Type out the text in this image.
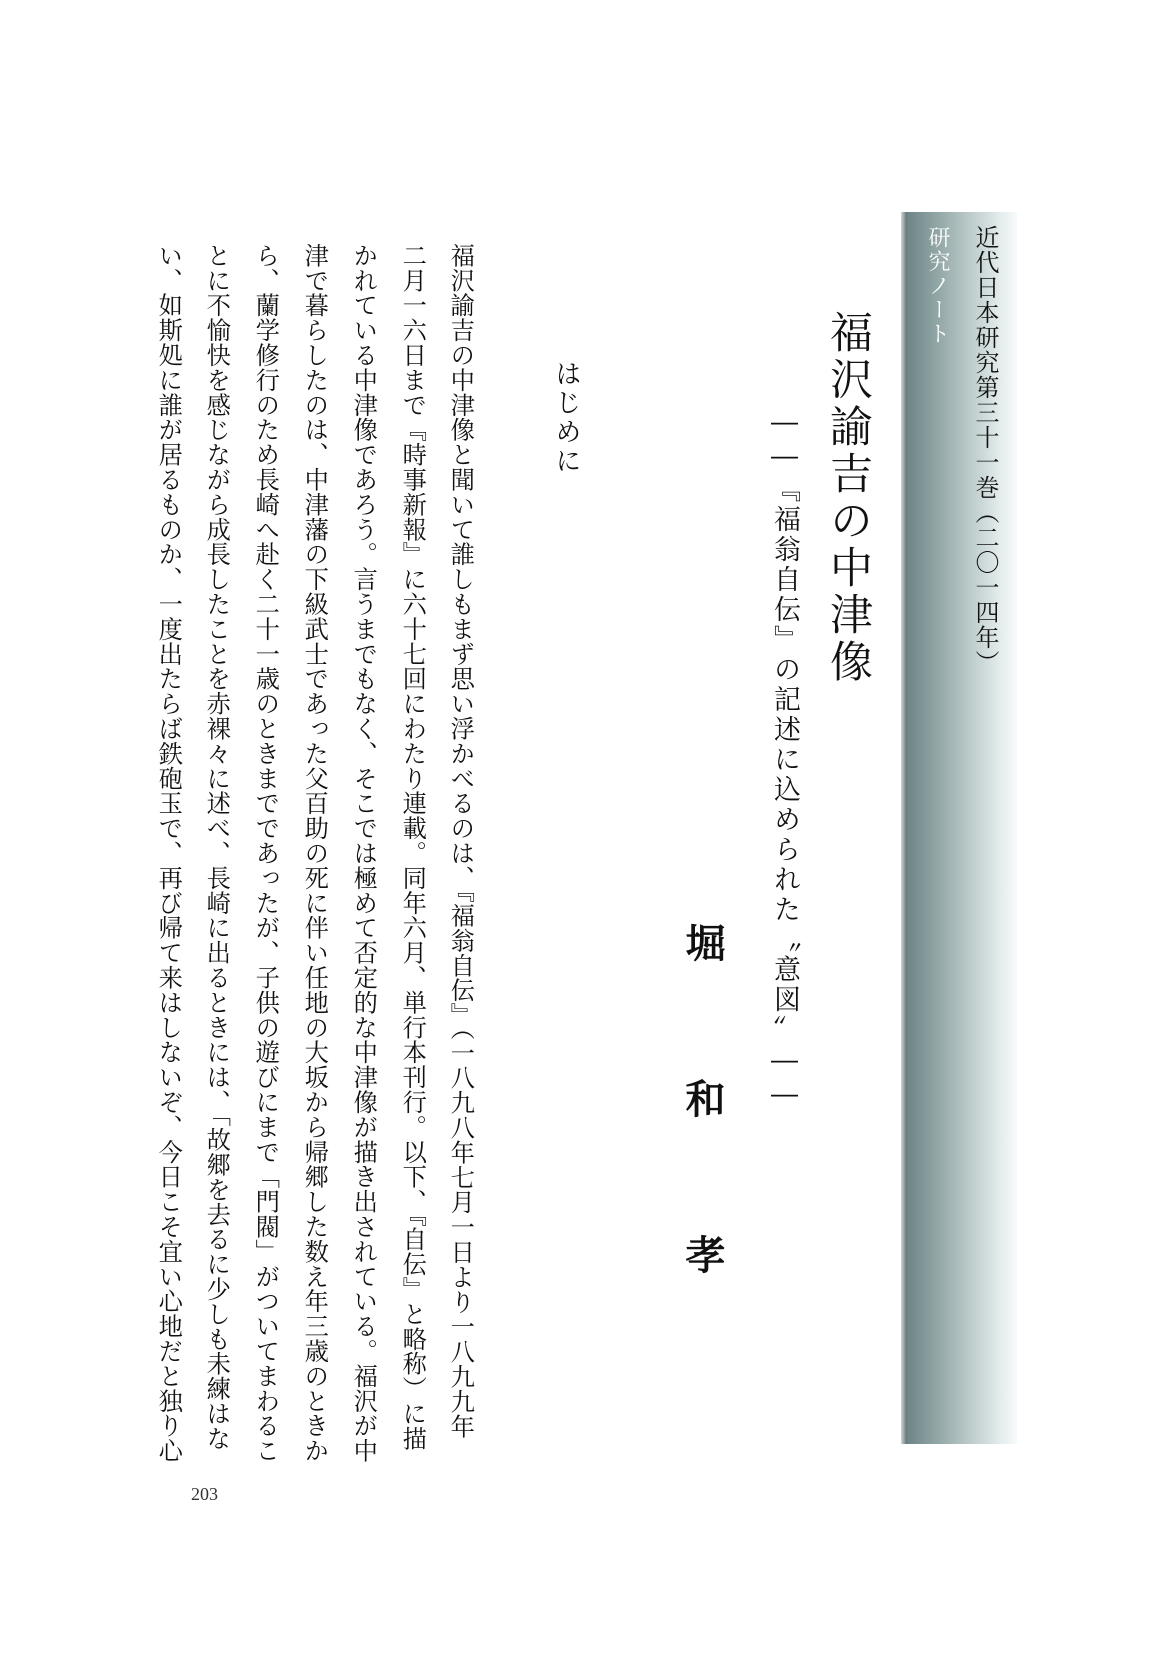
近代日本研究第三十一巻（二〇一四年）
研究ノート
福沢諭吉の中津像
――『福翁自伝』の記述に込められた〝意図〟――
堀
和
孝
はじめに
福沢諭吉の中津像と聞いて誰しもまず思い浮かべるのは、『福翁自伝』（一八九八年七月一日より一八九九年
二月一六日まで『時事新報』に六十七回にわたり連載。同年六月、単行本刊行。以下、『自伝』と略称）に描
かれている中津像であろう。言うまでもなく、そこでは極めて否定的な中津像が描き出されている。福沢が中
津で暮らしたのは、中津藩の下級武士であった父百助の死に伴い任地の大坂から帰郷した数え年三歳のときか
ら、蘭学修行のため長崎へ赴く二十一歳のときまでであったが、子供の遊びにまで「門閥」がついてまわるこ
とに不愉快を感じながら成長したことを赤裸々に述べ、長崎に出るときには、「故郷を去るに少しも未練はな
い、如斯処に誰が居るものか、一度出たらば鉄砲玉で、再び帰て来はしないぞ、今日こそ宜い心地だと独り心
203
